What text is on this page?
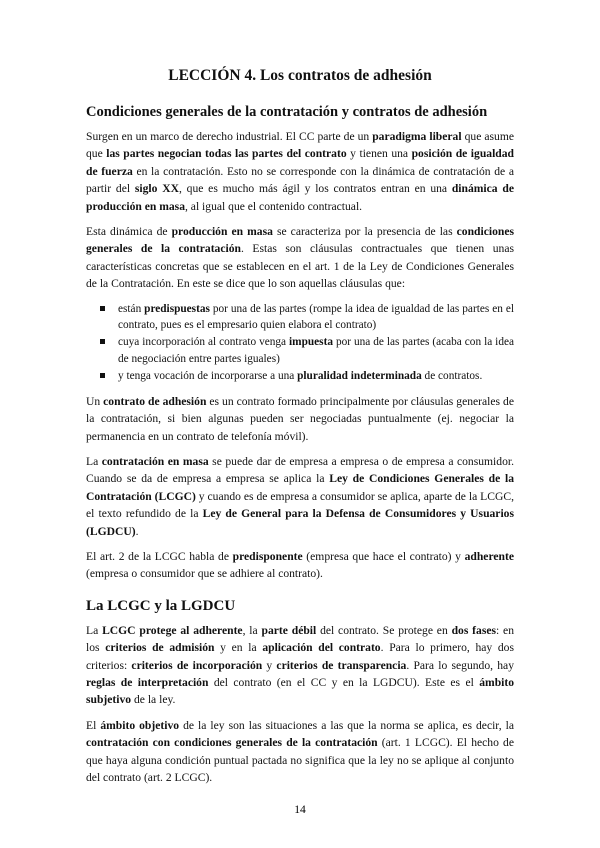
LECCIÓN 4. Los contratos de adhesión
Condiciones generales de la contratación y contratos de adhesión

Surgen en un marco de derecho industrial. El CC parte de un paradigma liberal que asume que las partes negocian todas las partes del contrato y tienen una posición de igualdad de fuerza en la contratación. Esto no se corresponde con la dinámica de contratación de a partir del siglo XX, que es mucho más ágil y los contratos entran en una dinámica de producción en masa, al igual que el contenido contractual.

Esta dinámica de producción en masa se caracteriza por la presencia de las condiciones generales de la contratación. Estas son cláusulas contractuales que tienen unas características concretas que se establecen en el art. 1 de la Ley de Condiciones Generales de la Contratación. En este se dice que lo son aquellas cláusulas que:

están predispuestas por una de las partes (rompe la idea de igualdad de las partes en el contrato, pues es el empresario quien elabora el contrato)
cuya incorporación al contrato venga impuesta por una de las partes (acaba con la idea de negociación entre partes iguales)
y tenga vocación de incorporarse a una pluralidad indeterminada de contratos.

Un contrato de adhesión es un contrato formado principalmente por cláusulas generales de la contratación, si bien algunas pueden ser negociadas puntualmente (ej. negociar la permanencia en un contrato de telefonía móvil).

La contratación en masa se puede dar de empresa a empresa o de empresa a consumidor. Cuando se da de empresa a empresa se aplica la Ley de Condiciones Generales de la Contratación (LCGC) y cuando es de empresa a consumidor se aplica, aparte de la LCGC, el texto refundido de la Ley de General para la Defensa de Consumidores y Usuarios (LGDCU).

El art. 2 de la LCGC habla de predisponente (empresa que hace el contrato) y adherente (empresa o consumidor que se adhiere al contrato).

La LCGC y la LGDCU

La LCGC protege al adherente, la parte débil del contrato. Se protege en dos fases: en los criterios de admisión y en la aplicación del contrato. Para lo primero, hay dos criterios: criterios de incorporación y criterios de transparencia. Para lo segundo, hay reglas de interpretación del contrato (en el CC y en la LGDCU). Este es el ámbito subjetivo de la ley.

El ámbito objetivo de la ley son las situaciones a las que la norma se aplica, es decir, la contratación con condiciones generales de la contratación (art. 1 LCGC). El hecho de que haya alguna condición puntual pactada no significa que la ley no se aplique al conjunto del contrato (art. 2 LCGC).

14
